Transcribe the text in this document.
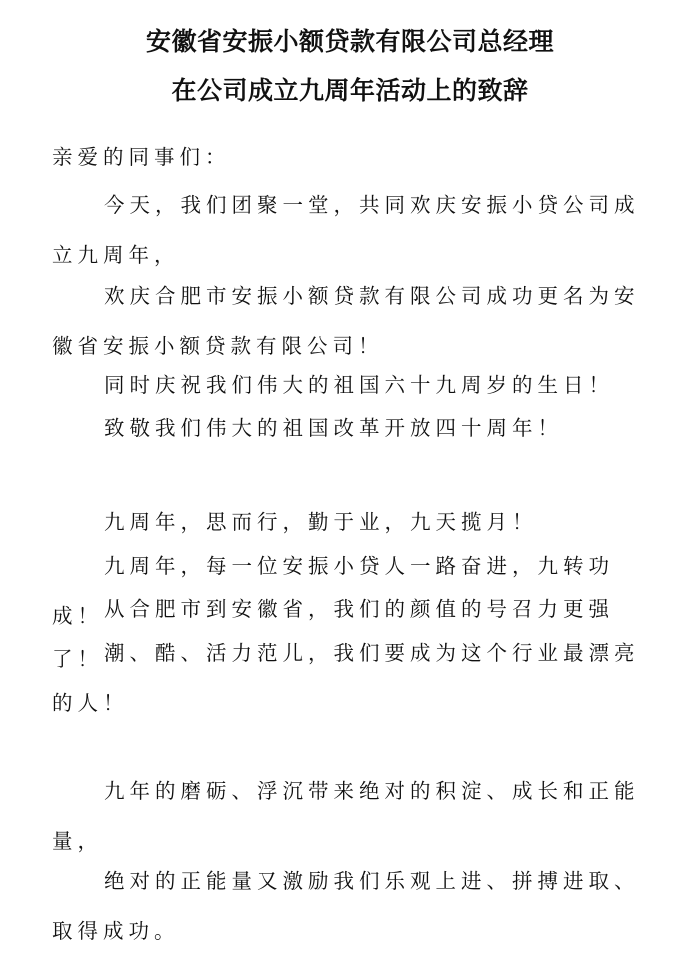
安徽省安振小额贷款有限公司总经理
在公司成立九周年活动上的致辞

亲爱的同事们：

今天，我们团聚一堂，共同欢庆安振小贷公司成立九周年，

欢庆合肥市安振小额贷款有限公司成功更名为安徽省安振小额贷款有限公司！

同时庆祝我们伟大的祖国六十九周岁的生日！

致敬我们伟大的祖国改革开放四十周年！

九周年，思而行，勤于业，九天揽月！

九周年，每一位安振小贷人一路奋进，九转功成！ 从合肥市到安徽省，我们的颜值的号召力更强了！ 潮、酷、活力范儿，我们要成为这个行业最漂亮的人！

九年的磨砺、浮沉带来绝对的积淀、成长和正能量，

绝对的正能量又激励我们乐观上进、拼搏进取、取得成功。
